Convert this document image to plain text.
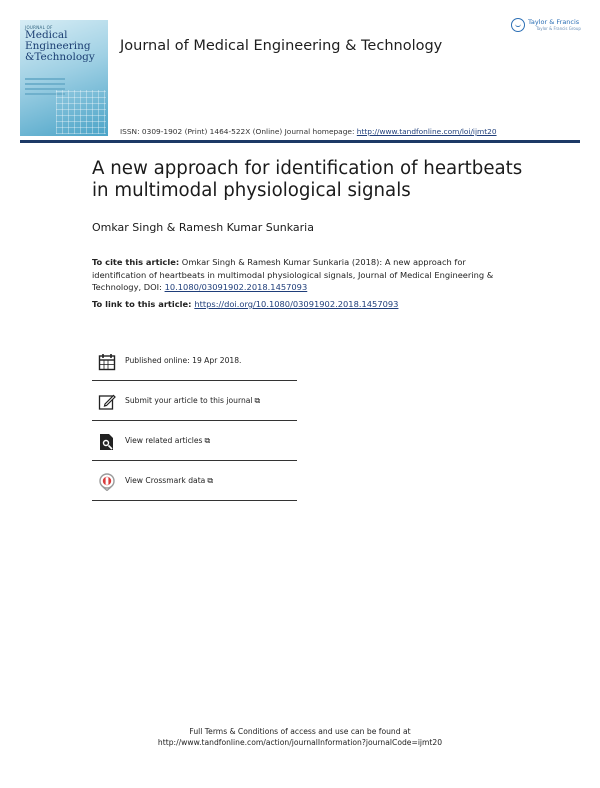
JOURNAL OF
Medical
Engineering
&Technology
Journal of Medical Engineering & Technology
ISSN: 0309-1902 (Print) 1464-522X (Online) Journal homepage: http://www.tandfonline.com/loi/ijmt20
Taylor & Francis
Taylor & Francis Group
A new approach for identification of heartbeats in multimodal physiological signals
Omkar Singh & Ramesh Kumar Sunkaria
To cite this article: Omkar Singh & Ramesh Kumar Sunkaria (2018): A new approach for identification of heartbeats in multimodal physiological signals, Journal of Medical Engineering & Technology, DOI: 10.1080/03091902.2018.1457093
To link to this article: https://doi.org/10.1080/03091902.2018.1457093
Published online: 19 Apr 2018.
Submit your article to this journal ⧉
View related articles ⧉
View Crossmark data ⧉
Full Terms & Conditions of access and use can be found at
http://www.tandfonline.com/action/journalInformation?journalCode=ijmt20
